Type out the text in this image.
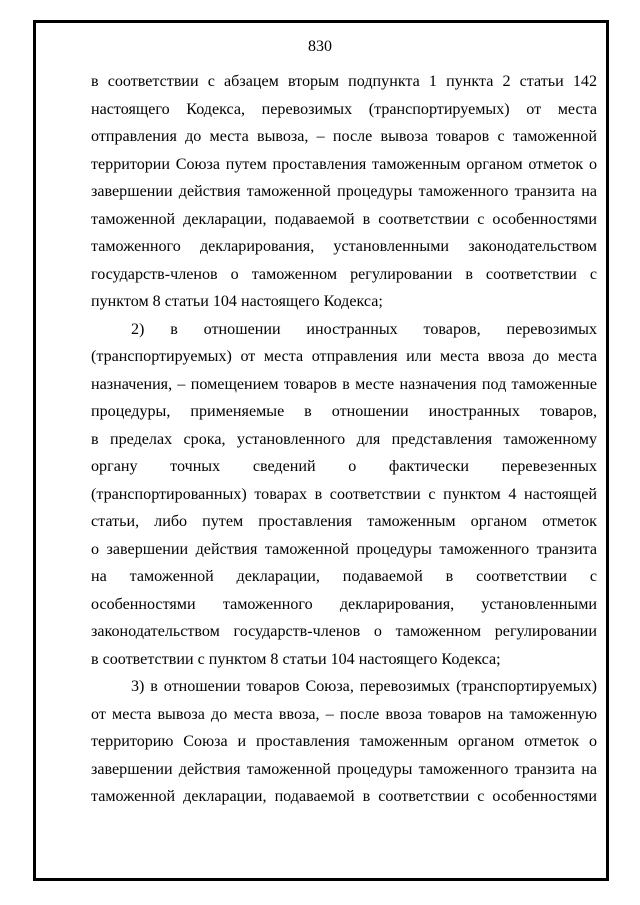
830
в соответствии с абзацем вторым подпункта 1 пункта 2 статьи 142
настоящего Кодекса, перевозимых (транспортируемых) от места
отправления до места вывоза, – после вывоза товаров с таможенной
территории Союза путем проставления таможенным органом отметок о
завершении действия таможенной процедуры таможенного транзита на
таможенной декларации, подаваемой в соответствии с особенностями
таможенного декларирования, установленными законодательством
государств-членов о таможенном регулировании в соответствии с
пунктом 8 статьи 104 настоящего Кодекса;
2) в отношении иностранных товаров, перевозимых
(транспортируемых) от места отправления или места ввоза до места
назначения, – помещением товаров в месте назначения под таможенные
процедуры, применяемые в отношении иностранных товаров,
в пределах срока, установленного для представления таможенному
органу точных сведений о фактически перевезенных
(транспортированных) товарах в соответствии с пунктом 4 настоящей
статьи, либо путем проставления таможенным органом отметок
о завершении действия таможенной процедуры таможенного транзита
на таможенной декларации, подаваемой в соответствии с
особенностями таможенного декларирования, установленными
законодательством государств-членов о таможенном регулировании
в соответствии с пунктом 8 статьи 104 настоящего Кодекса;
3) в отношении товаров Союза, перевозимых (транспортируемых)
от места вывоза до места ввоза, – после ввоза товаров на таможенную
территорию Союза и проставления таможенным органом отметок о
завершении действия таможенной процедуры таможенного транзита на
таможенной декларации, подаваемой в соответствии с особенностями
